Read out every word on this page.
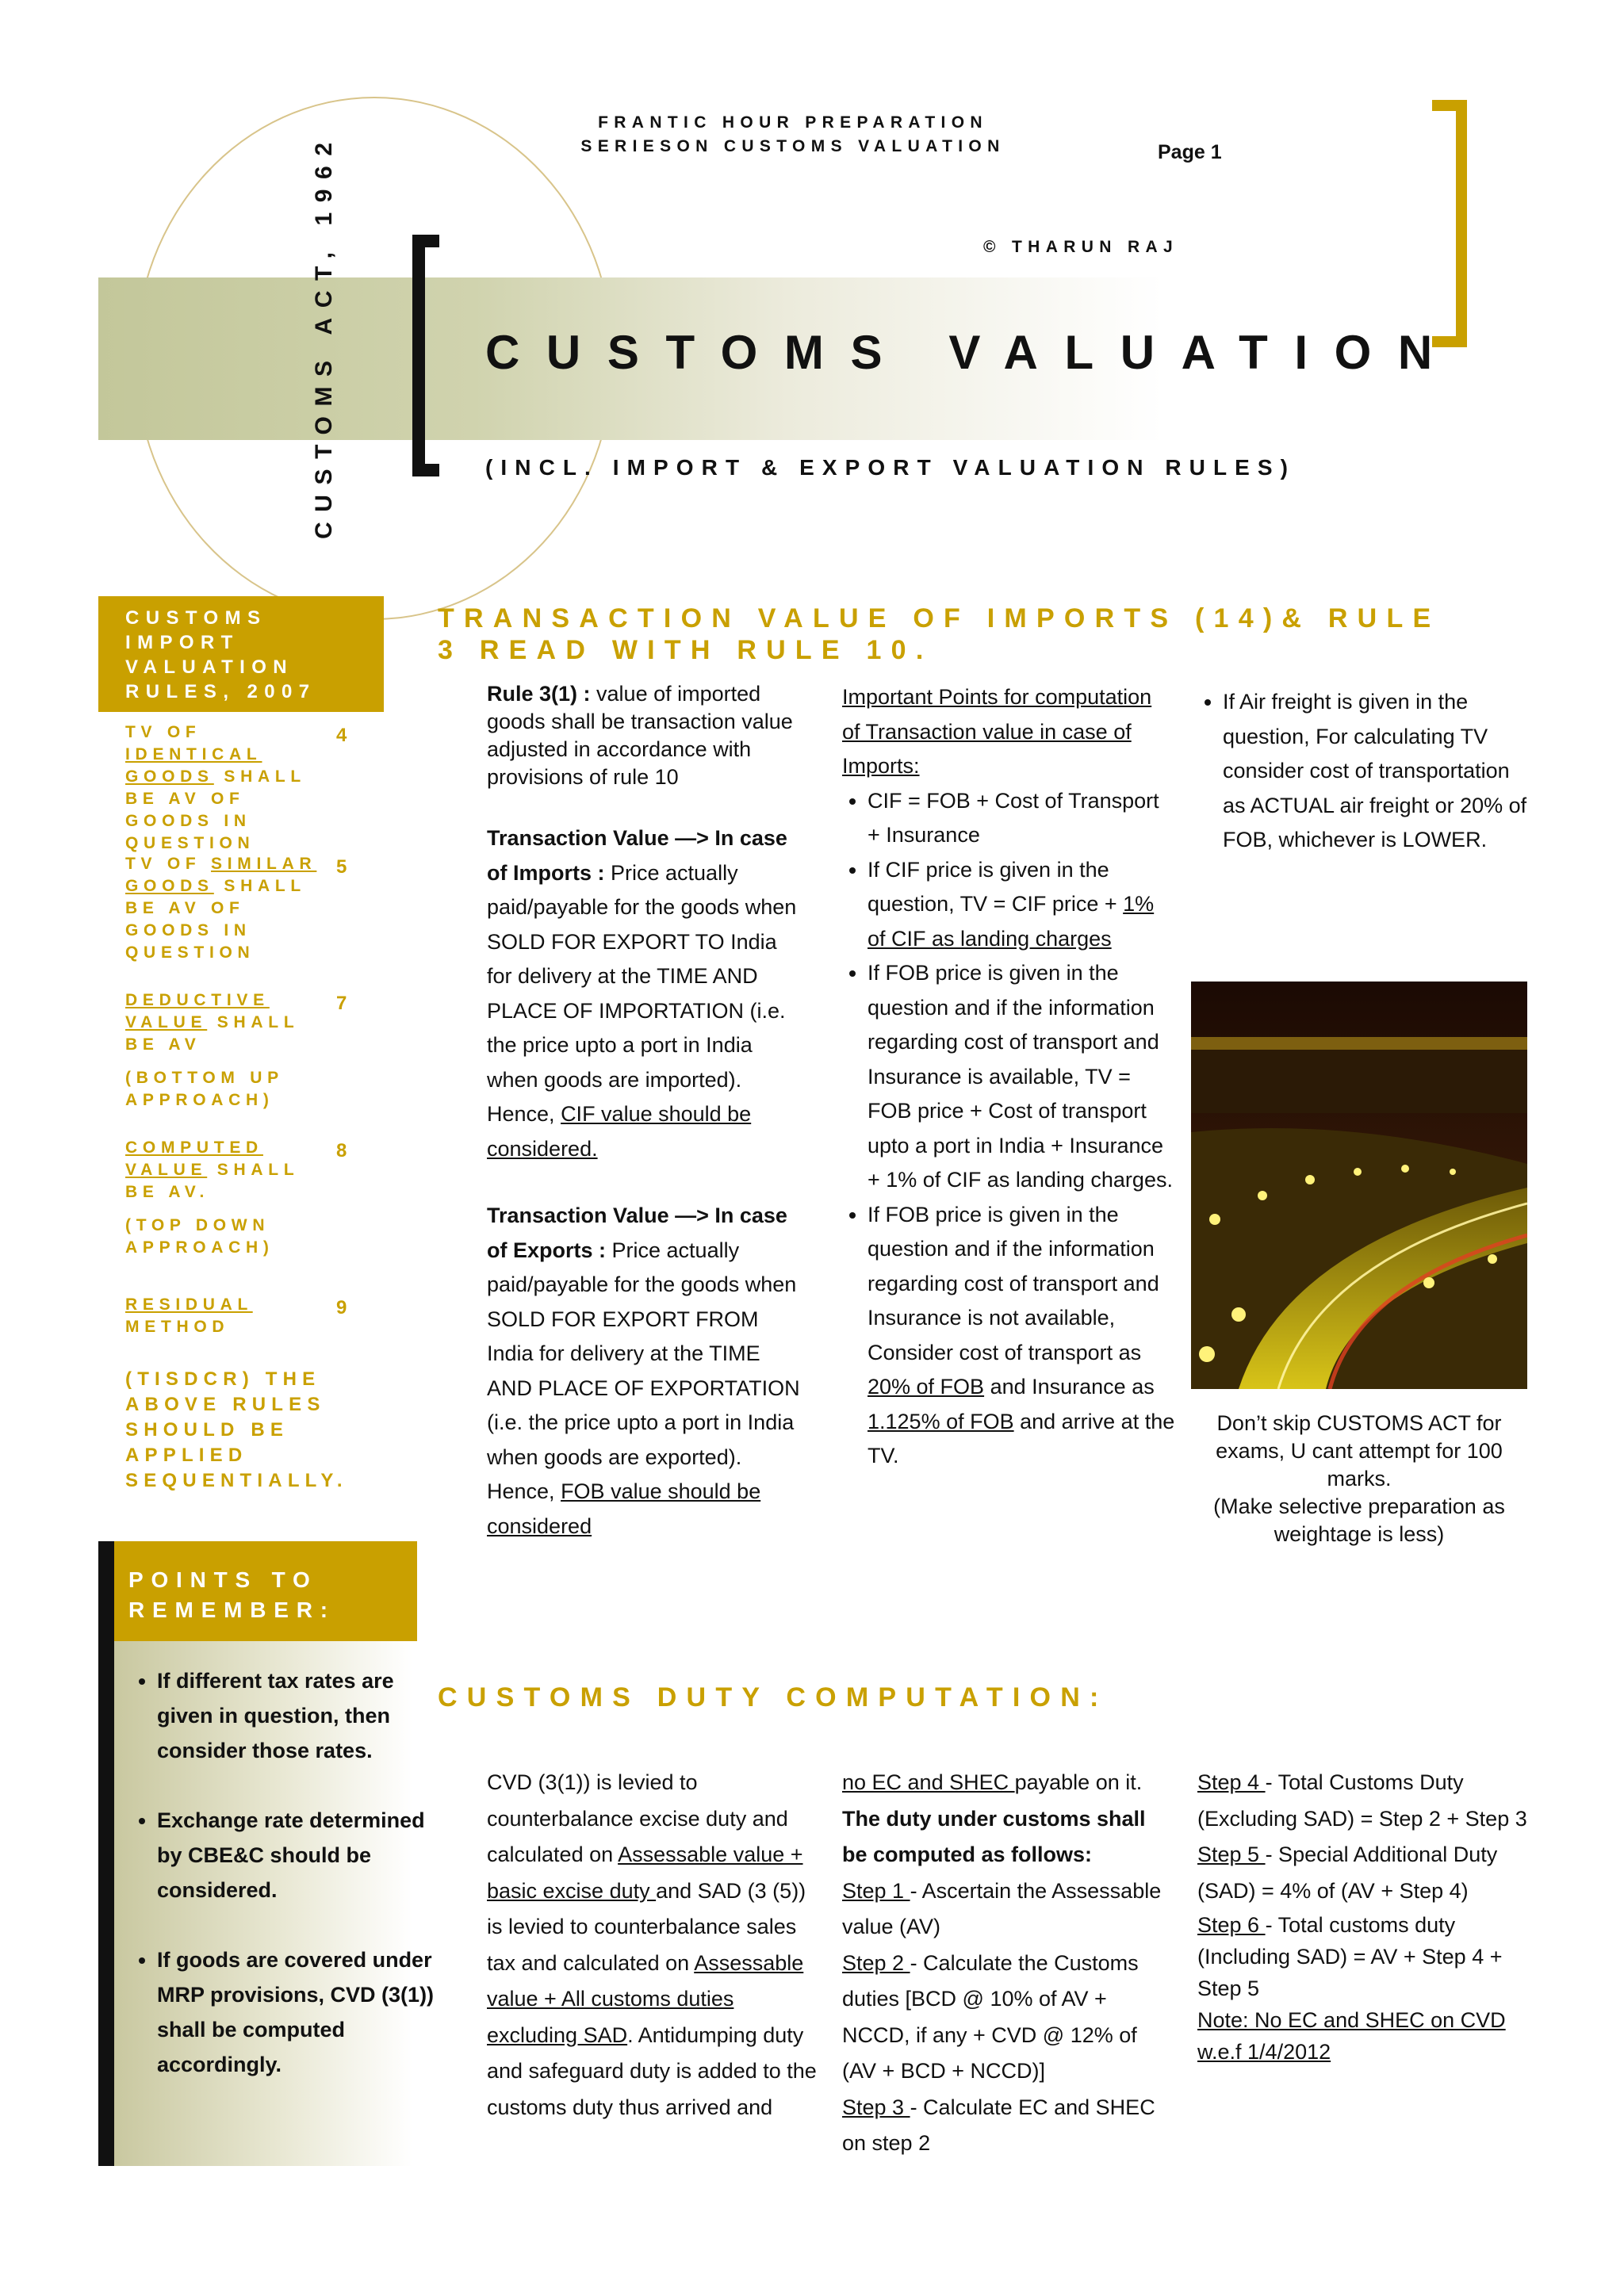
FRANTIC HOUR PREPARATION
SERIESON CUSTOMS VALUATION	Page 1
© THARUN RAJ
CUSTOMS ACT, 1962	CUSTOMS VALUATION
(INCL. IMPORT & EXPORT VALUATION RULES)
CUSTOMS IMPORT VALUATION RULES, 2007
TV OF IDENTICAL GOODS SHALL BE AV OF GOODS IN QUESTION
4
TV OF SIMILAR GOODS SHALL BE AV OF GOODS IN QUESTION
5
DEDUCTIVE VALUE SHALL BE AV
(BOTTOM UP APPROACH)
7
COMPUTED VALUE SHALL BE AV.
(TOP DOWN APPROACH)
8
RESIDUAL METHOD
9
(TISDCR) THE ABOVE RULES SHOULD BE APPLIED SEQUENTIALLY.
POINTS TO REMEMBER:
• If different tax rates are given in question, then consider those rates.
• Exchange rate determined by CBE&C should be considered.
• If goods are covered under MRP provisions, CVD (3(1)) shall be computed accordingly.
TRANSACTION VALUE OF IMPORTS (14)& RULE 3 READ WITH RULE 10.

Rule 3(1) : value of imported goods shall be transaction value adjusted in accordance with provisions of rule 10

Transaction Value —> In case of Imports : Price actually paid/payable for the goods when SOLD FOR EXPORT TO India for delivery at the TIME AND PLACE OF IMPORTATION (i.e. the price upto a port in India when goods are imported). Hence, CIF value should be considered.

Transaction Value —> In case of Exports : Price actually paid/payable for the goods when SOLD FOR EXPORT FROM India for delivery at the TIME AND PLACE OF EXPORTATION (i.e. the price upto a port in India when goods are exported). Hence, FOB value should be considered

Important Points for computation of Transaction value in case of Imports:

• CIF = FOB + Cost of Transport + Insurance
• If CIF price is given in the question, TV = CIF price + 1% of CIF as landing charges
• If FOB price is given in the question and if the information regarding cost of transport and Insurance is available, TV = FOB price + Cost of transport upto a port in India + Insurance + 1% of CIF as landing charges.
• If FOB price is given in the question and if the information regarding cost of transport and Insurance is not available, Consider cost of transport as 20% of FOB and Insurance as 1.125% of FOB and arrive at the TV.
• If Air freight is given in the question, For calculating TV consider cost of transportation as ACTUAL air freight or 20% of FOB, whichever is LOWER.
Don’t skip CUSTOMS ACT for exams, U cant attempt for 100 marks.
(Make selective preparation as weightage is less)
CUSTOMS DUTY COMPUTATION:

CVD (3(1)) is levied to counterbalance excise duty and calculated on Assessable value + basic excise duty and SAD (3 (5)) is levied to counterbalance sales tax and calculated on Assessable value + All customs duties excluding SAD. Antidumping duty and safeguard duty is added to the customs duty thus arrived and

no EC and SHEC payable on it.

The duty under customs shall be computed as follows:

Step 1 - Ascertain the Assessable value (AV)

Step 2 - Calculate the Customs duties [BCD @ 10% of AV + NCCD, if any + CVD @ 12% of (AV + BCD + NCCD)]

Step 3 - Calculate EC and SHEC on step 2

Step 4 - Total Customs Duty (Excluding SAD) = Step 2 + Step 3

Step 5 - Special Additional Duty (SAD) = 4% of (AV + Step 4)

Step 6 - Total customs duty (Including SAD) = AV + Step 4 + Step 5

Note: No EC and SHEC on CVD w.e.f 1/4/2012
